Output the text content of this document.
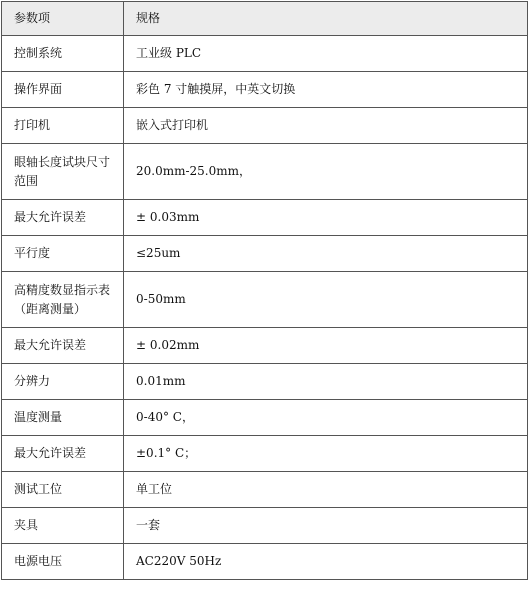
参数项	规格
控制系统	工业级 PLC
操作界面	彩色 7 寸触摸屏，中英文切换
打印机	嵌入式打印机
眼轴长度试块尺寸范围	20.0mm-25.0mm，
最大允许误差	± 0.03mm
平行度	≤25um
高精度数显指示表（距离测量）	0-50mm
最大允许误差	± 0.02mm
分辨力	0.01mm
温度测量	0-40° C，
最大允许误差	±0.1° C；
测试工位	单工位
夹具	一套
电源电压	AC220V 50Hz
